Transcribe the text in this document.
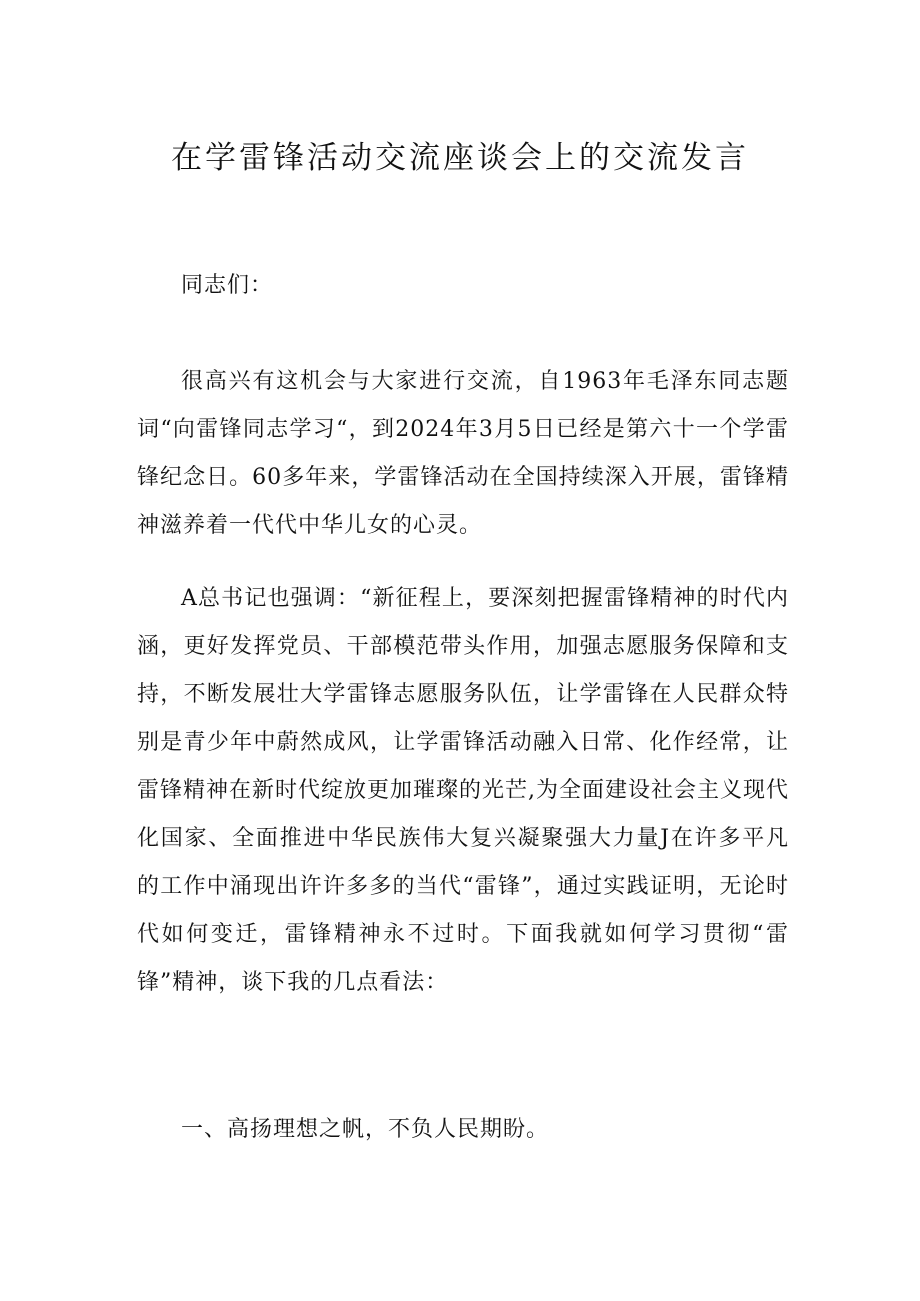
在学雷锋活动交流座谈会上的交流发言

同志们：

很高兴有这机会与大家进行交流，自1963年毛泽东同志题词“向雷锋同志学习“，到2024年3月5日已经是第六十一个学雷锋纪念日。60多年来，学雷锋活动在全国持续深入开展，雷锋精神滋养着一代代中华儿女的心灵。

A总书记也强调：“新征程上，要深刻把握雷锋精神的时代内涵，更好发挥党员、干部模范带头作用，加强志愿服务保障和支持，不断发展壮大学雷锋志愿服务队伍，让学雷锋在人民群众特别是青少年中蔚然成风，让学雷锋活动融入日常、化作经常，让雷锋精神在新时代绽放更加璀璨的光芒,为全面建设社会主义现代化国家、全面推进中华民族伟大复兴凝聚强大力量J在许多平凡的工作中涌现出许许多多的当代“雷锋”，通过实践证明，无论时代如何变迁，雷锋精神永不过时。下面我就如何学习贯彻“雷锋”精神，谈下我的几点看法：

一、高扬理想之帆，不负人民期盼。
